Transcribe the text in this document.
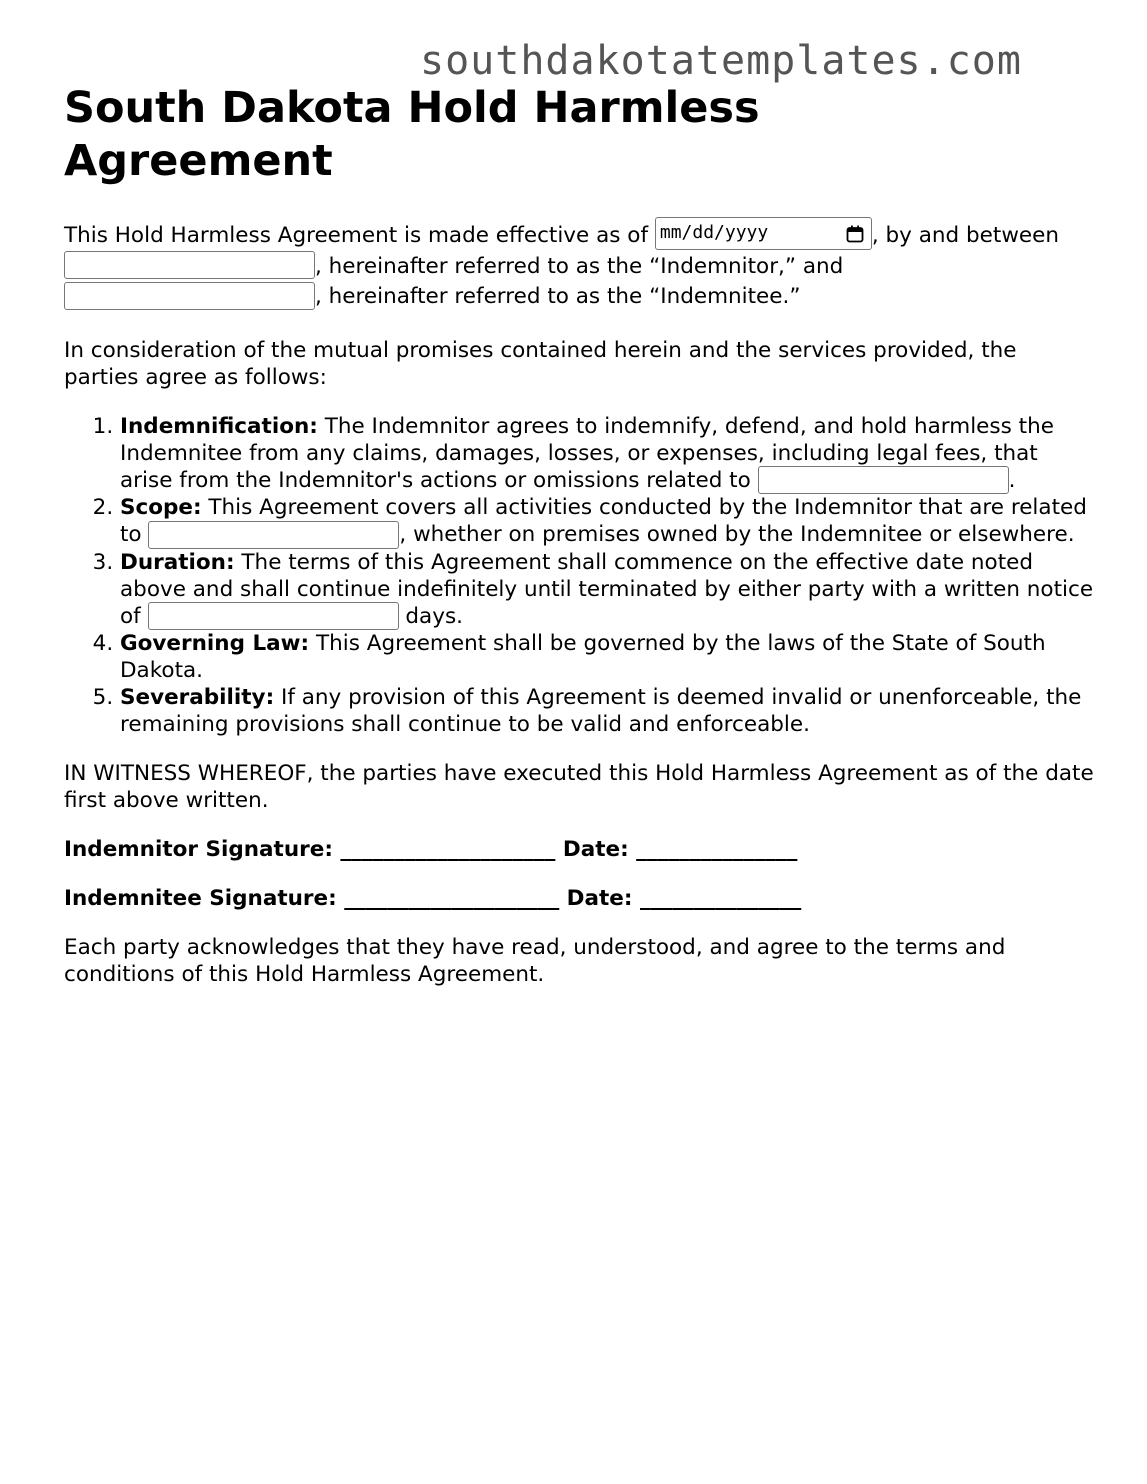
southdakotatemplates.com
South Dakota Hold Harmless Agreement

This Hold Harmless Agreement is made effective as of mm/dd/yyyy	, by and between , hereinafter referred to as the “Indemnitor,” and , hereinafter referred to as the “Indemnitee.”

In consideration of the mutual promises contained herein and the services provided, the parties agree as follows:

1. Indemnification: The Indemnitor agrees to indemnify, defend, and hold harmless the Indemnitee from any claims, damages, losses, or expenses, including legal fees, that arise from the Indemnitor's actions or omissions related to	.
2. Scope: This Agreement covers all activities conducted by the Indemnitor that are related to	, whether on premises owned by the Indemnitee or elsewhere.
3. Duration: The terms of this Agreement shall commence on the effective date noted above and shall continue indefinitely until terminated by either party with a written notice of	days.
4. Governing Law: This Agreement shall be governed by the laws of the State of South Dakota.
5. Severability: If any provision of this Agreement is deemed invalid or unenforceable, the remaining provisions shall continue to be valid and enforceable.

IN WITNESS WHEREOF, the parties have executed this Hold Harmless Agreement as of the date first above written.

Indemnitor Signature: ____________________ Date: _______________

Indemnitee Signature: ____________________ Date: _______________

Each party acknowledges that they have read, understood, and agree to the terms and conditions of this Hold Harmless Agreement.
